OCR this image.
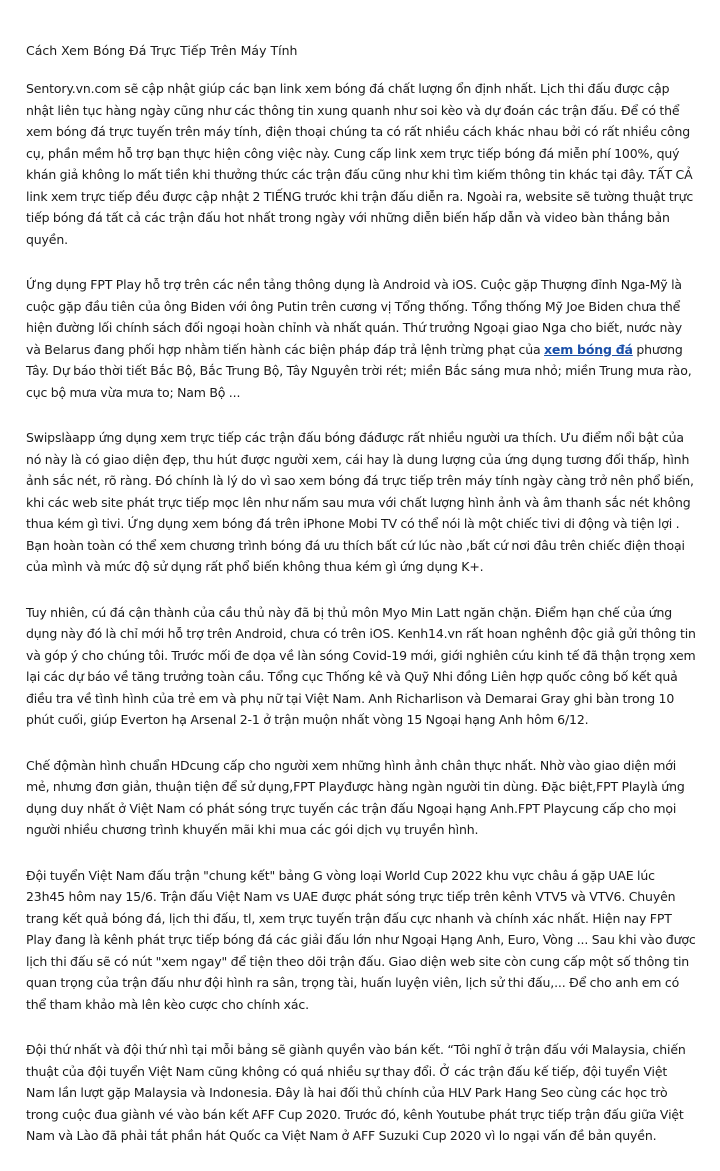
Cách Xem Bóng Đá Trực Tiếp Trên Máy Tính

Sentory.vn.com sẽ cập nhật giúp các bạn link xem bóng đá chất lượng ổn định nhất. Lịch thi đấu được cập nhật liên tục hàng ngày cũng như các thông tin xung quanh như soi kèo và dự đoán các trận đấu. Để có thể xem bóng đá trực tuyến trên máy tính, điện thoại chúng ta có rất nhiều cách khác nhau bởi có rất nhiều công cụ, phần mềm hỗ trợ bạn thực hiện công việc này. Cung cấp link xem trực tiếp bóng đá miễn phí 100%, quý khán giả không lo mất tiền khi thưởng thức các trận đấu cũng như khi tìm kiếm thông tin khác tại đây. TẤT CẢ link xem trực tiếp đều được cập nhật 2 TIẾNG trước khi trận đấu diễn ra. Ngoài ra, website sẽ tường thuật trực tiếp bóng đá tất cả các trận đấu hot nhất trong ngày với những diễn biến hấp dẫn và video bàn thắng bản quyền.

Ứng dụng FPT Play hỗ trợ trên các nền tảng thông dụng là Android và iOS. Cuộc gặp Thượng đỉnh Nga-Mỹ là cuộc gặp đầu tiên của ông Biden với ông Putin trên cương vị Tổng thống. Tổng thống Mỹ Joe Biden chưa thể hiện đường lối chính sách đối ngoại hoàn chỉnh và nhất quán. Thứ trưởng Ngoại giao Nga cho biết, nước này và Belarus đang phối hợp nhằm tiến hành các biện pháp đáp trả lệnh trừng phạt của xem bóng đá phương Tây. Dự báo thời tiết Bắc Bộ, Bắc Trung Bộ, Tây Nguyên trời rét; miền Bắc sáng mưa nhỏ; miền Trung mưa rào, cục bộ mưa vừa mưa to; Nam Bộ ...

Swipslàapp ứng dụng xem trực tiếp các trận đấu bóng đáđược rất nhiều người ưa thích. Ưu điểm nổi bật của nó này là có giao diện đẹp, thu hút được người xem, cái hay là dung lượng của ứng dụng tương đối thấp, hình ảnh sắc nét, rõ ràng. Đó chính là lý do vì sao xem bóng đá trực tiếp trên máy tính ngày càng trở nên phổ biến, khi các web site phát trực tiếp mọc lên như nấm sau mưa với chất lượng hình ảnh và âm thanh sắc nét không thua kém gì tivi. Ứng dụng xem bóng đá trên iPhone Mobi TV có thể nói là một chiếc tivi di động và tiện lợi . Bạn hoàn toàn có thể xem chương trình bóng đá ưu thích bất cứ lúc nào ,bất cứ nơi đâu trên chiếc điện thoại của mình và mức độ sử dụng rất phổ biến không thua kém gì ứng dụng K+.

Tuy nhiên, cú đá cận thành của cầu thủ này đã bị thủ môn Myo Min Latt ngăn chặn. Điểm hạn chế của ứng dụng này đó là chỉ mới hỗ trợ trên Android, chưa có trên iOS. Kenh14.vn rất hoan nghênh độc giả gửi thông tin và góp ý cho chúng tôi. Trước mối đe dọa về làn sóng Covid-19 mới, giới nghiên cứu kinh tế đã thận trọng xem lại các dự báo về tăng trưởng toàn cầu. Tổng cục Thống kê và Quỹ Nhi đồng Liên hợp quốc công bố kết quả điều tra về tình hình của trẻ em và phụ nữ tại Việt Nam. Anh Richarlison và Demarai Gray ghi bàn trong 10 phút cuối, giúp Everton hạ Arsenal 2-1 ở trận muộn nhất vòng 15 Ngoại hạng Anh hôm 6/12.

Chế độmàn hình chuẩn HDcung cấp cho người xem những hình ảnh chân thực nhất. Nhờ vào giao diện mới mẻ, nhưng đơn giản, thuận tiện để sử dụng,FPT Playđược hàng ngàn người tin dùng. Đặc biệt,FPT Playlà ứng dụng duy nhất ở Việt Nam có phát sóng trực tuyến các trận đấu Ngoại hạng Anh.FPT Playcung cấp cho mọi người nhiều chương trình khuyến mãi khi mua các gói dịch vụ truyền hình.

Đội tuyển Việt Nam đấu trận "chung kết" bảng G vòng loại World Cup 2022 khu vực châu á gặp UAE lúc 23h45 hôm nay 15/6. Trận đấu Việt Nam vs UAE được phát sóng trực tiếp trên kênh VTV5 và VTV6. Chuyên trang kết quả bóng đá, lịch thi đấu, tl, xem trực tuyến trận đấu cực nhanh và chính xác nhất. Hiện nay FPT Play đang là kênh phát trực tiếp bóng đá các giải đấu lớn như Ngoại Hạng Anh, Euro, Vòng ... Sau khi vào được lịch thi đấu sẽ có nút "xem ngay" để tiện theo dõi trận đấu. Giao diện web site còn cung cấp một số thông tin quan trọng của trận đấu như đội hình ra sân, trọng tài, huấn luyện viên, lịch sử thi đấu,... Để cho anh em có thể tham khảo mà lên kèo cược cho chính xác.

Đội thứ nhất và đội thứ nhì tại mỗi bảng sẽ giành quyền vào bán kết. “Tôi nghĩ ở trận đấu với Malaysia, chiến thuật của đội tuyển Việt Nam cũng không có quá nhiều sự thay đổi. Ở các trận đấu kế tiếp, đội tuyển Việt Nam lần lượt gặp Malaysia và Indonesia. Đây là hai đối thủ chính của HLV Park Hang Seo cùng các học trò trong cuộc đua giành vé vào bán kết AFF Cup 2020. Trước đó, kênh Youtube phát trực tiếp trận đấu giữa Việt Nam và Lào đã phải tắt phần hát Quốc ca Việt Nam ở AFF Suzuki Cup 2020 vì lo ngại vấn đề bản quyền.
